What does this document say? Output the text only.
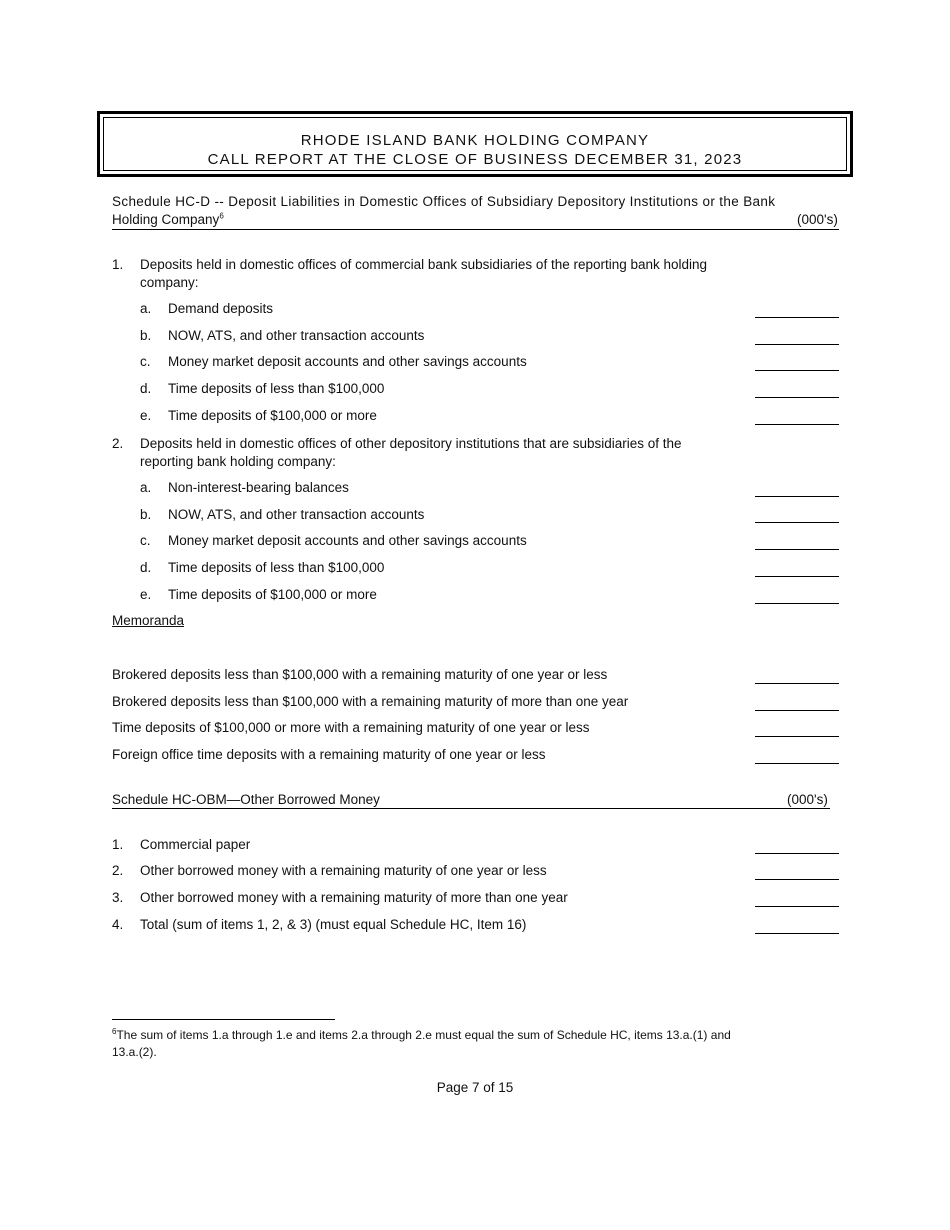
RHODE ISLAND BANK HOLDING COMPANY
CALL REPORT AT THE CLOSE OF BUSINESS DECEMBER 31, 2023
Schedule HC-D -- Deposit Liabilities in Domestic Offices of Subsidiary Depository Institutions or the Bank
Holding Company$^6$	(000's)
1. Deposits held in domestic offices of commercial bank subsidiaries of the reporting bank holding
company:
a. Demand deposits
b. NOW, ATS, and other transaction accounts
c. Money market deposit accounts and other savings accounts
d. Time deposits of less than $100,000
e. Time deposits of $100,000 or more
2. Deposits held in domestic offices of other depository institutions that are subsidiaries of the
reporting bank holding company:
a. Non-interest-bearing balances
b. NOW, ATS, and other transaction accounts
c. Money market deposit accounts and other savings accounts
d. Time deposits of less than $100,000
e. Time deposits of $100,000 or more
Memoranda
Brokered deposits less than $100,000 with a remaining maturity of one year or less
Brokered deposits less than $100,000 with a remaining maturity of more than one year
Time deposits of $100,000 or more with a remaining maturity of one year or less
Foreign office time deposits with a remaining maturity of one year or less
Schedule HC-OBM—Other Borrowed Money	(000's)
1. Commercial paper
2. Other borrowed money with a remaining maturity of one year or less
3. Other borrowed money with a remaining maturity of more than one year
4. Total (sum of items 1, 2, & 3) (must equal Schedule HC, Item 16)
$^6$The sum of items 1.a through 1.e and items 2.a through 2.e must equal the sum of Schedule HC, items 13.a.(1) and
13.a.(2).
Page 7 of 15
